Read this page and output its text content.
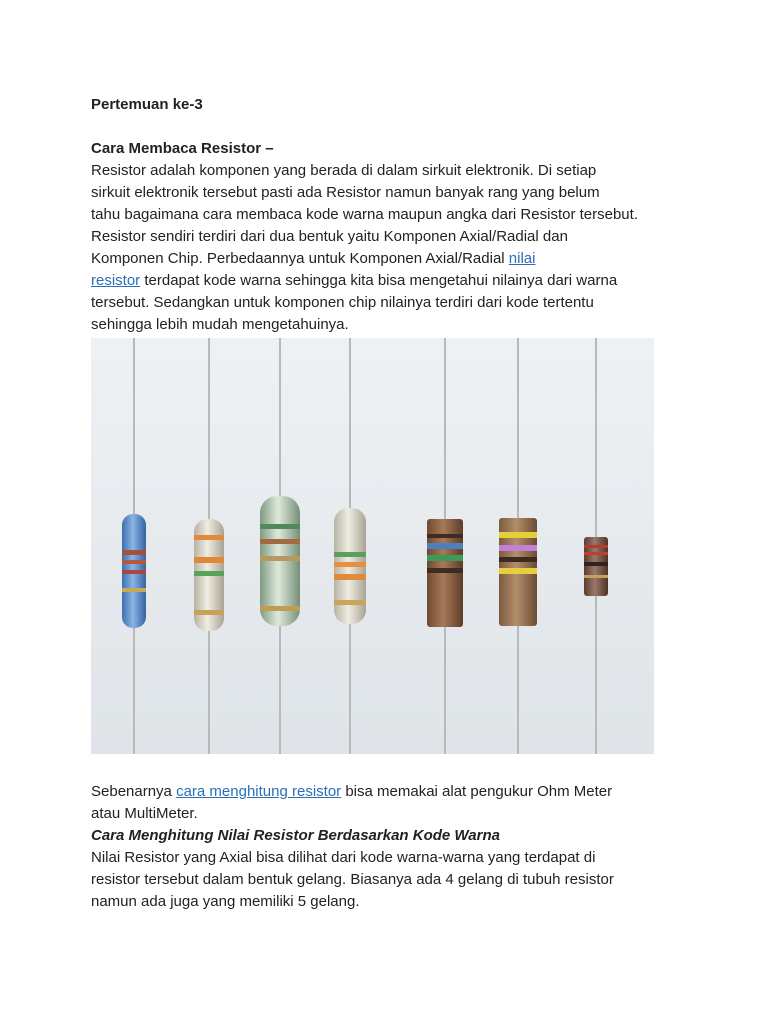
Pertemuan ke-3

Cara Membaca Resistor –

Resistor adalah komponen yang berada di dalam sirkuit elektronik. Di setiap

sirkuit elektronik tersebut pasti ada Resistor namun banyak rang yang belum

tahu bagaimana cara membaca kode warna maupun angka dari Resistor tersebut.

Resistor sendiri terdiri dari dua bentuk yaitu Komponen Axial/Radial dan

Komponen Chip. Perbedaannya untuk Komponen Axial/Radial nilai

resistor terdapat kode warna sehingga kita bisa mengetahui nilainya dari warna

tersebut. Sedangkan untuk komponen chip nilainya terdiri dari kode tertentu

sehingga lebih mudah mengetahuinya.

Sebenarnya cara menghitung resistor bisa memakai alat pengukur Ohm Meter

atau MultiMeter.

Cara Menghitung Nilai Resistor Berdasarkan Kode Warna

Nilai Resistor yang Axial bisa dilihat dari kode warna-warna yang terdapat di

resistor tersebut dalam bentuk gelang. Biasanya ada 4 gelang di tubuh resistor

namun ada juga yang memiliki 5 gelang.
